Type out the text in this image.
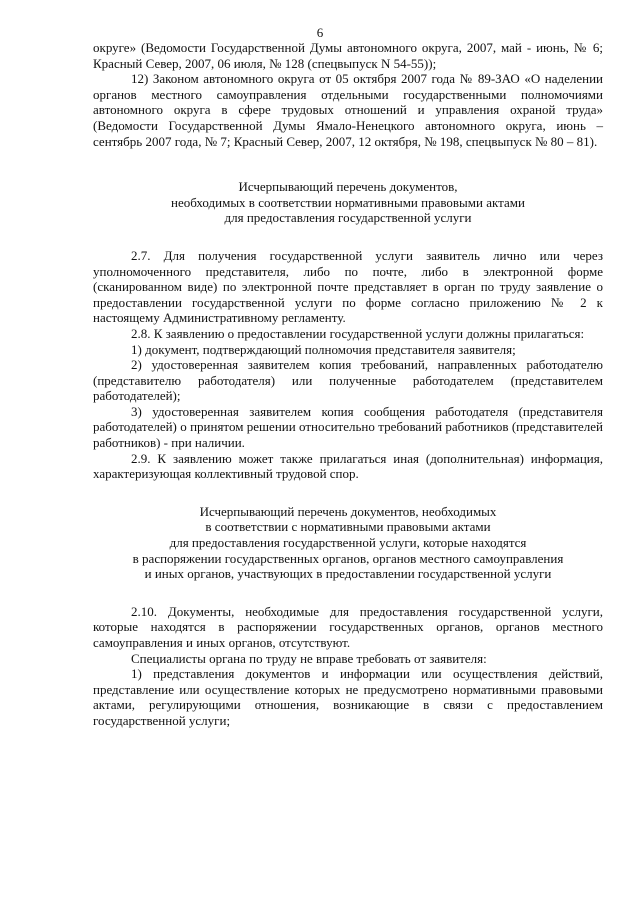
6

округе» (Ведомости Государственной Думы автономного округа, 2007, май - июнь, № 6; Красный Север, 2007, 06 июля, № 128 (спецвыпуск N 54-55));

12) Законом автономного округа от 05 октября 2007 года № 89-ЗАО «О наделении органов местного самоуправления отдельными государственными полномочиями автономного округа в сфере трудовых отношений и управления охраной труда» (Ведомости Государственной Думы Ямало-Ненецкого автономного округа, июнь – сентябрь 2007 года, № 7; Красный Север, 2007, 12 октября, № 198, спецвыпуск № 80 – 81).

Исчерпывающий перечень документов,

необходимых в соответствии нормативными правовыми актами

для предоставления государственной услуги

2.7. Для получения государственной услуги заявитель лично или через уполномоченного представителя, либо по почте, либо в электронной форме (сканированном виде) по электронной почте представляет в орган по труду заявление о предоставлении государственной услуги по форме согласно приложению № 2 к настоящему Административному регламенту.

2.8. К заявлению о предоставлении государственной услуги должны прилагаться:

1) документ, подтверждающий полномочия представителя заявителя;

2) удостоверенная заявителем копия требований, направленных работодателю (представителю работодателя) или полученные работодателем (представителем работодателей);

3) удостоверенная заявителем копия сообщения работодателя (представителя работодателей) о принятом решении относительно требований работников (представителей работников) - при наличии.

2.9. К заявлению может также прилагаться иная (дополнительная) информация, характеризующая коллективный трудовой спор.

Исчерпывающий перечень документов, необходимых

в соответствии с нормативными правовыми актами

для предоставления государственной услуги, которые находятся

в распоряжении государственных органов, органов местного самоуправления

и иных органов, участвующих в предоставлении государственной услуги

2.10. Документы, необходимые для предоставления государственной услуги, которые находятся в распоряжении государственных органов, органов местного самоуправления и иных органов, отсутствуют.

Специалисты органа по труду не вправе требовать от заявителя:

1) представления документов и информации или осуществления действий, представление или осуществление которых не предусмотрено нормативными правовыми актами, регулирующими отношения, возникающие в связи с предоставлением государственной услуги;
